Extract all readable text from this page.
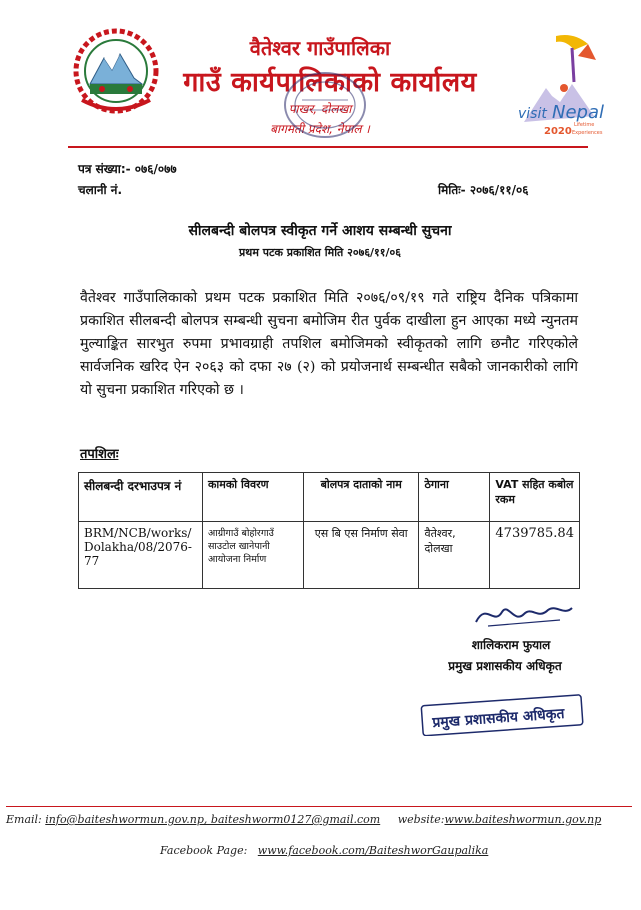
वैतेश्वर गाउँपालिका
गाउँ कार्यपालिकाको कार्यालय
पाखर, दोलखा
बागमती प्रदेश, नेपाल ।
visit Nepal
Lifetime
2020 Experiences
पत्र संख्या:- ०७६/०७७
चलानी नं.	मितिः- २०७६/११/०६
सीलबन्दी बोलपत्र स्वीकृत गर्ने आशय सम्बन्धी सुचना
प्रथम पटक प्रकाशित मिति २०७६/११/०६
वैतेश्वर गाउँपालिकाको प्रथम पटक प्रकाशित मिति २०७६/०९/१९ गते राष्ट्रिय दैनिक पत्रिकामा प्रकाशित सीलबन्दी बोलपत्र सम्बन्धी सुचना बमोजिम रीत पुर्वक दाखीला हुन आएका मध्ये न्युनतम मुल्याङ्कित सारभुत रुपमा प्रभावग्राही तपशिल बमोजिमको स्वीकृतको लागि छनौट गरिएकोले सार्वजनिक खरिद ऐन २०६३ को दफा २७ (२) को प्रयोजनार्थ सम्बन्धीत सबैको जानकारीको लागि यो सुचना प्रकाशित गरिएको छ ।
तपशिलः
सीलबन्दी दरभाउपत्र नं	कामको विवरण	बोलपत्र दाताको नाम	ठेगाना	VAT सहित कबोल रकम
BRM/NCB/works/Dolakha/08/2076-77	आग्रीगाउँ बोहोरगाउँ साउटोल खानेपानी आयोजना निर्माण	एस बि एस निर्माण सेवा	वैतेश्वर, दोलखा	4739785.84
शालिकराम फुयाल
प्रमुख प्रशासकीय अधिकृत
प्रमुख प्रशासकीय अधिकृत
Email: info@baiteshwormun.gov.np, baiteshworm0127@gmail.com website:www.baiteshwormun.gov.np
Facebook Page: www.facebook.com/BaiteshworGaupalika
